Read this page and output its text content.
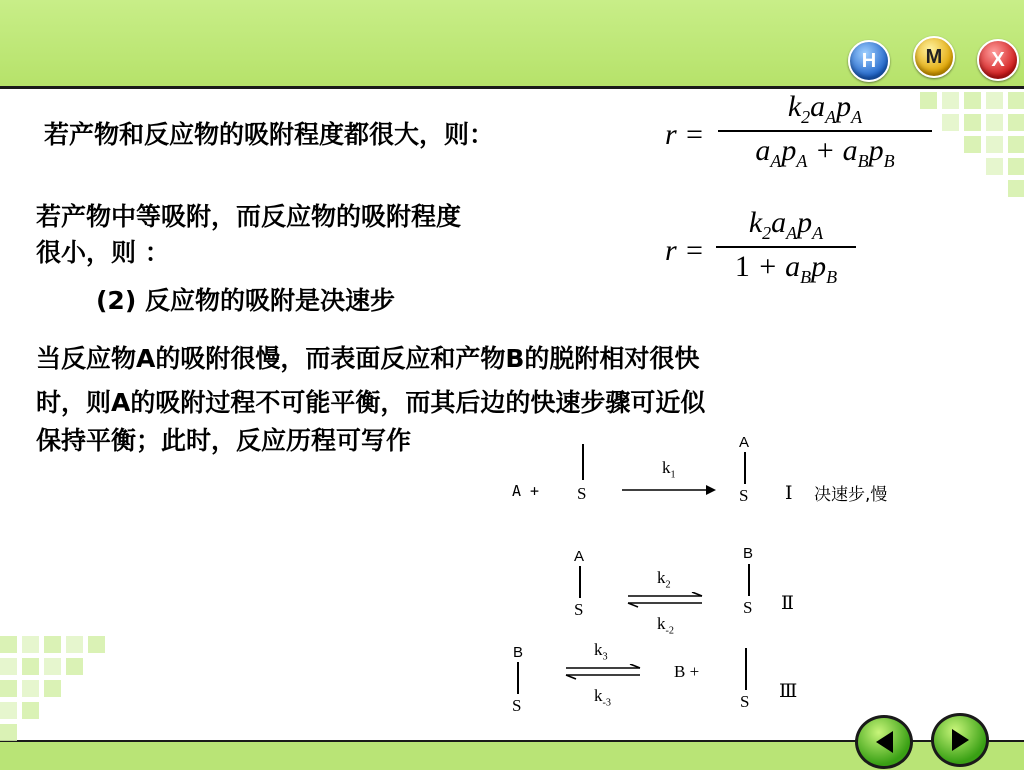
H M X
若产物和反应物的吸附程度都很大，则：
若产物中等吸附，而反应物的吸附程度
很小，则 ：
(2) 反应物的吸附是决速步
当反应物A的吸附很慢，而表面反应和产物B的脱附相对很快
时，则A的吸附过程不可能平衡，而其后边的快速步骤可近似
保持平衡；此时，反应历程可写作
r =
$k_2a_Ap_A$
$a_Ap_A + a_Bp_B$
r =
$k_2a_Ap_A$
$1 + a_Bp_B$
A + S
$k_1$
A
S Ⅰ 决速步,慢
A
S
$k_2$
$k_{-2}$
B
S Ⅱ
B
S
$k_3$
$k_{-3}$
B +
S Ⅲ
